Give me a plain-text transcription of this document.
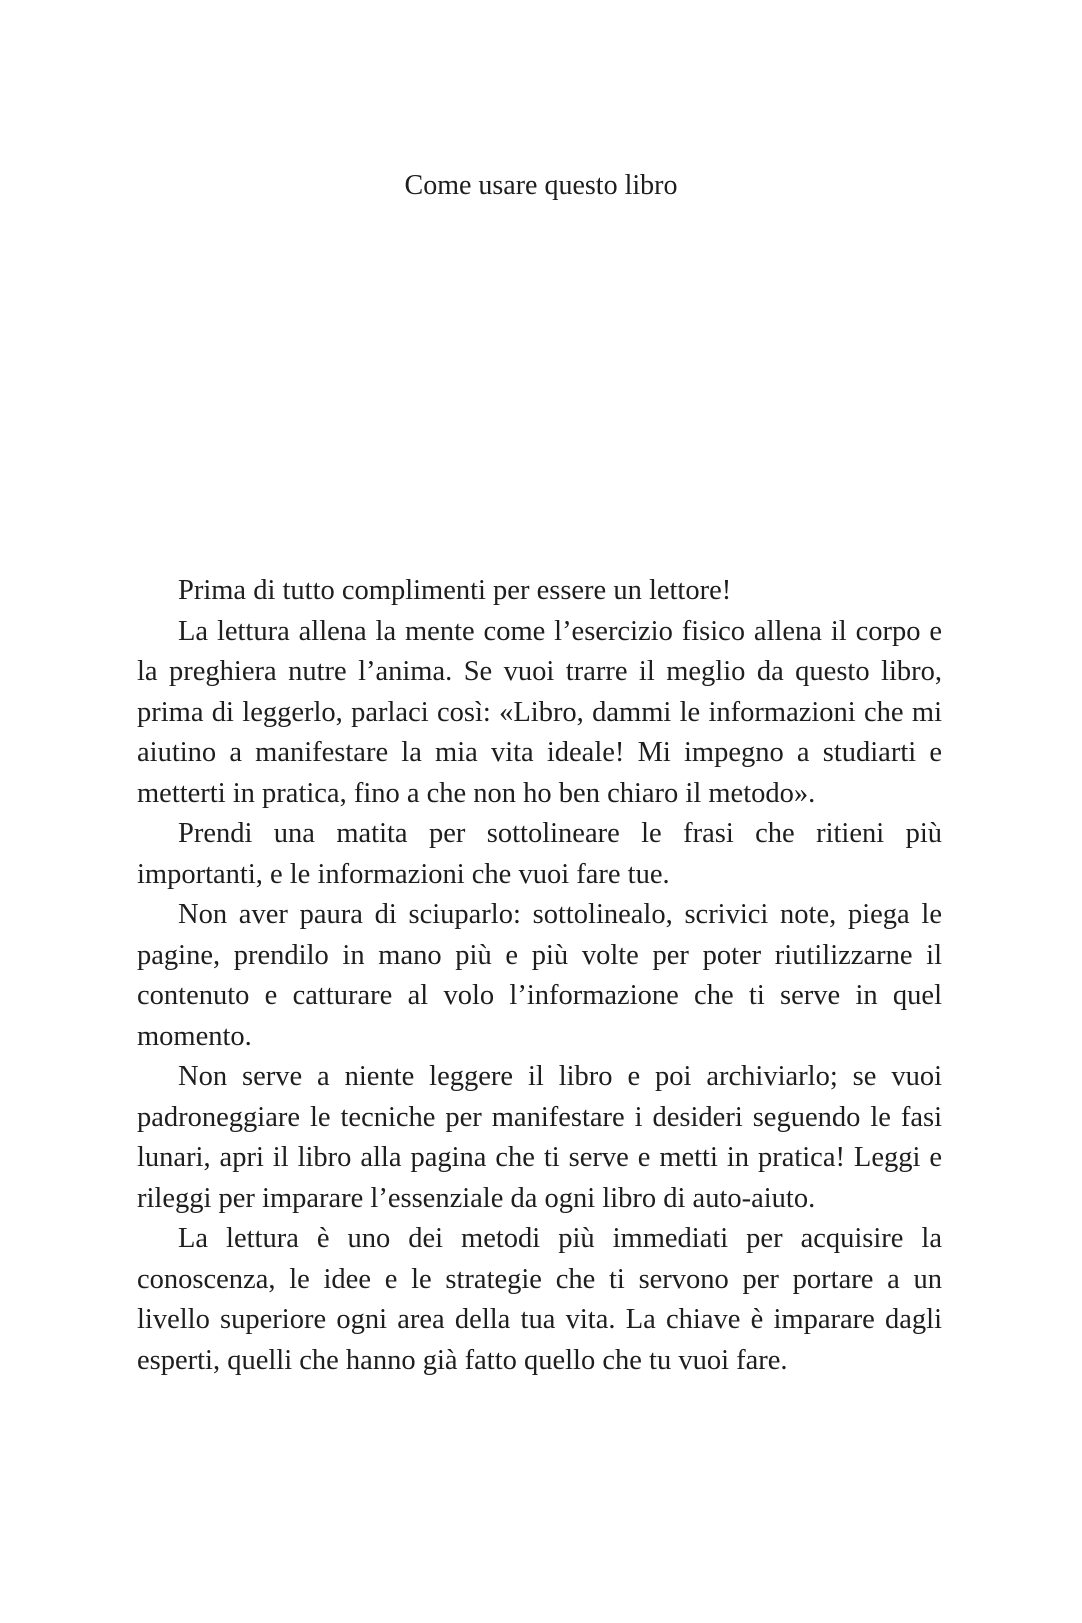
Come usare questo libro

Prima di tutto complimenti per essere un lettore!

La lettura allena la mente come l’esercizio fisico allena il corpo e la preghiera nutre l’anima. Se vuoi trarre il meglio da questo libro, prima di leggerlo, parlaci così: «Libro, dammi le informazioni che mi aiutino a manifestare la mia vita ideale! Mi impegno a studiarti e metterti in pratica, fino a che non ho ben chiaro il metodo».

Prendi una matita per sottolineare le frasi che ritieni più importanti, e le informazioni che vuoi fare tue.

Non aver paura di sciuparlo: sottolinealo, scrivici note, piega le pagine, prendilo in mano più e più volte per poter riutilizzarne il contenuto e catturare al volo l’informazione che ti serve in quel momento.

Non serve a niente leggere il libro e poi archiviarlo; se vuoi padroneggiare le tecniche per manifestare i desideri seguendo le fasi lunari, apri il libro alla pagina che ti serve e metti in pratica! Leggi e rileggi per imparare l’essenziale da ogni libro di auto-aiuto.

La lettura è uno dei metodi più immediati per acquisire la conoscenza, le idee e le strategie che ti servono per portare a un livello superiore ogni area della tua vita. La chiave è imparare dagli esperti, quelli che hanno già fatto quello che tu vuoi fare.
